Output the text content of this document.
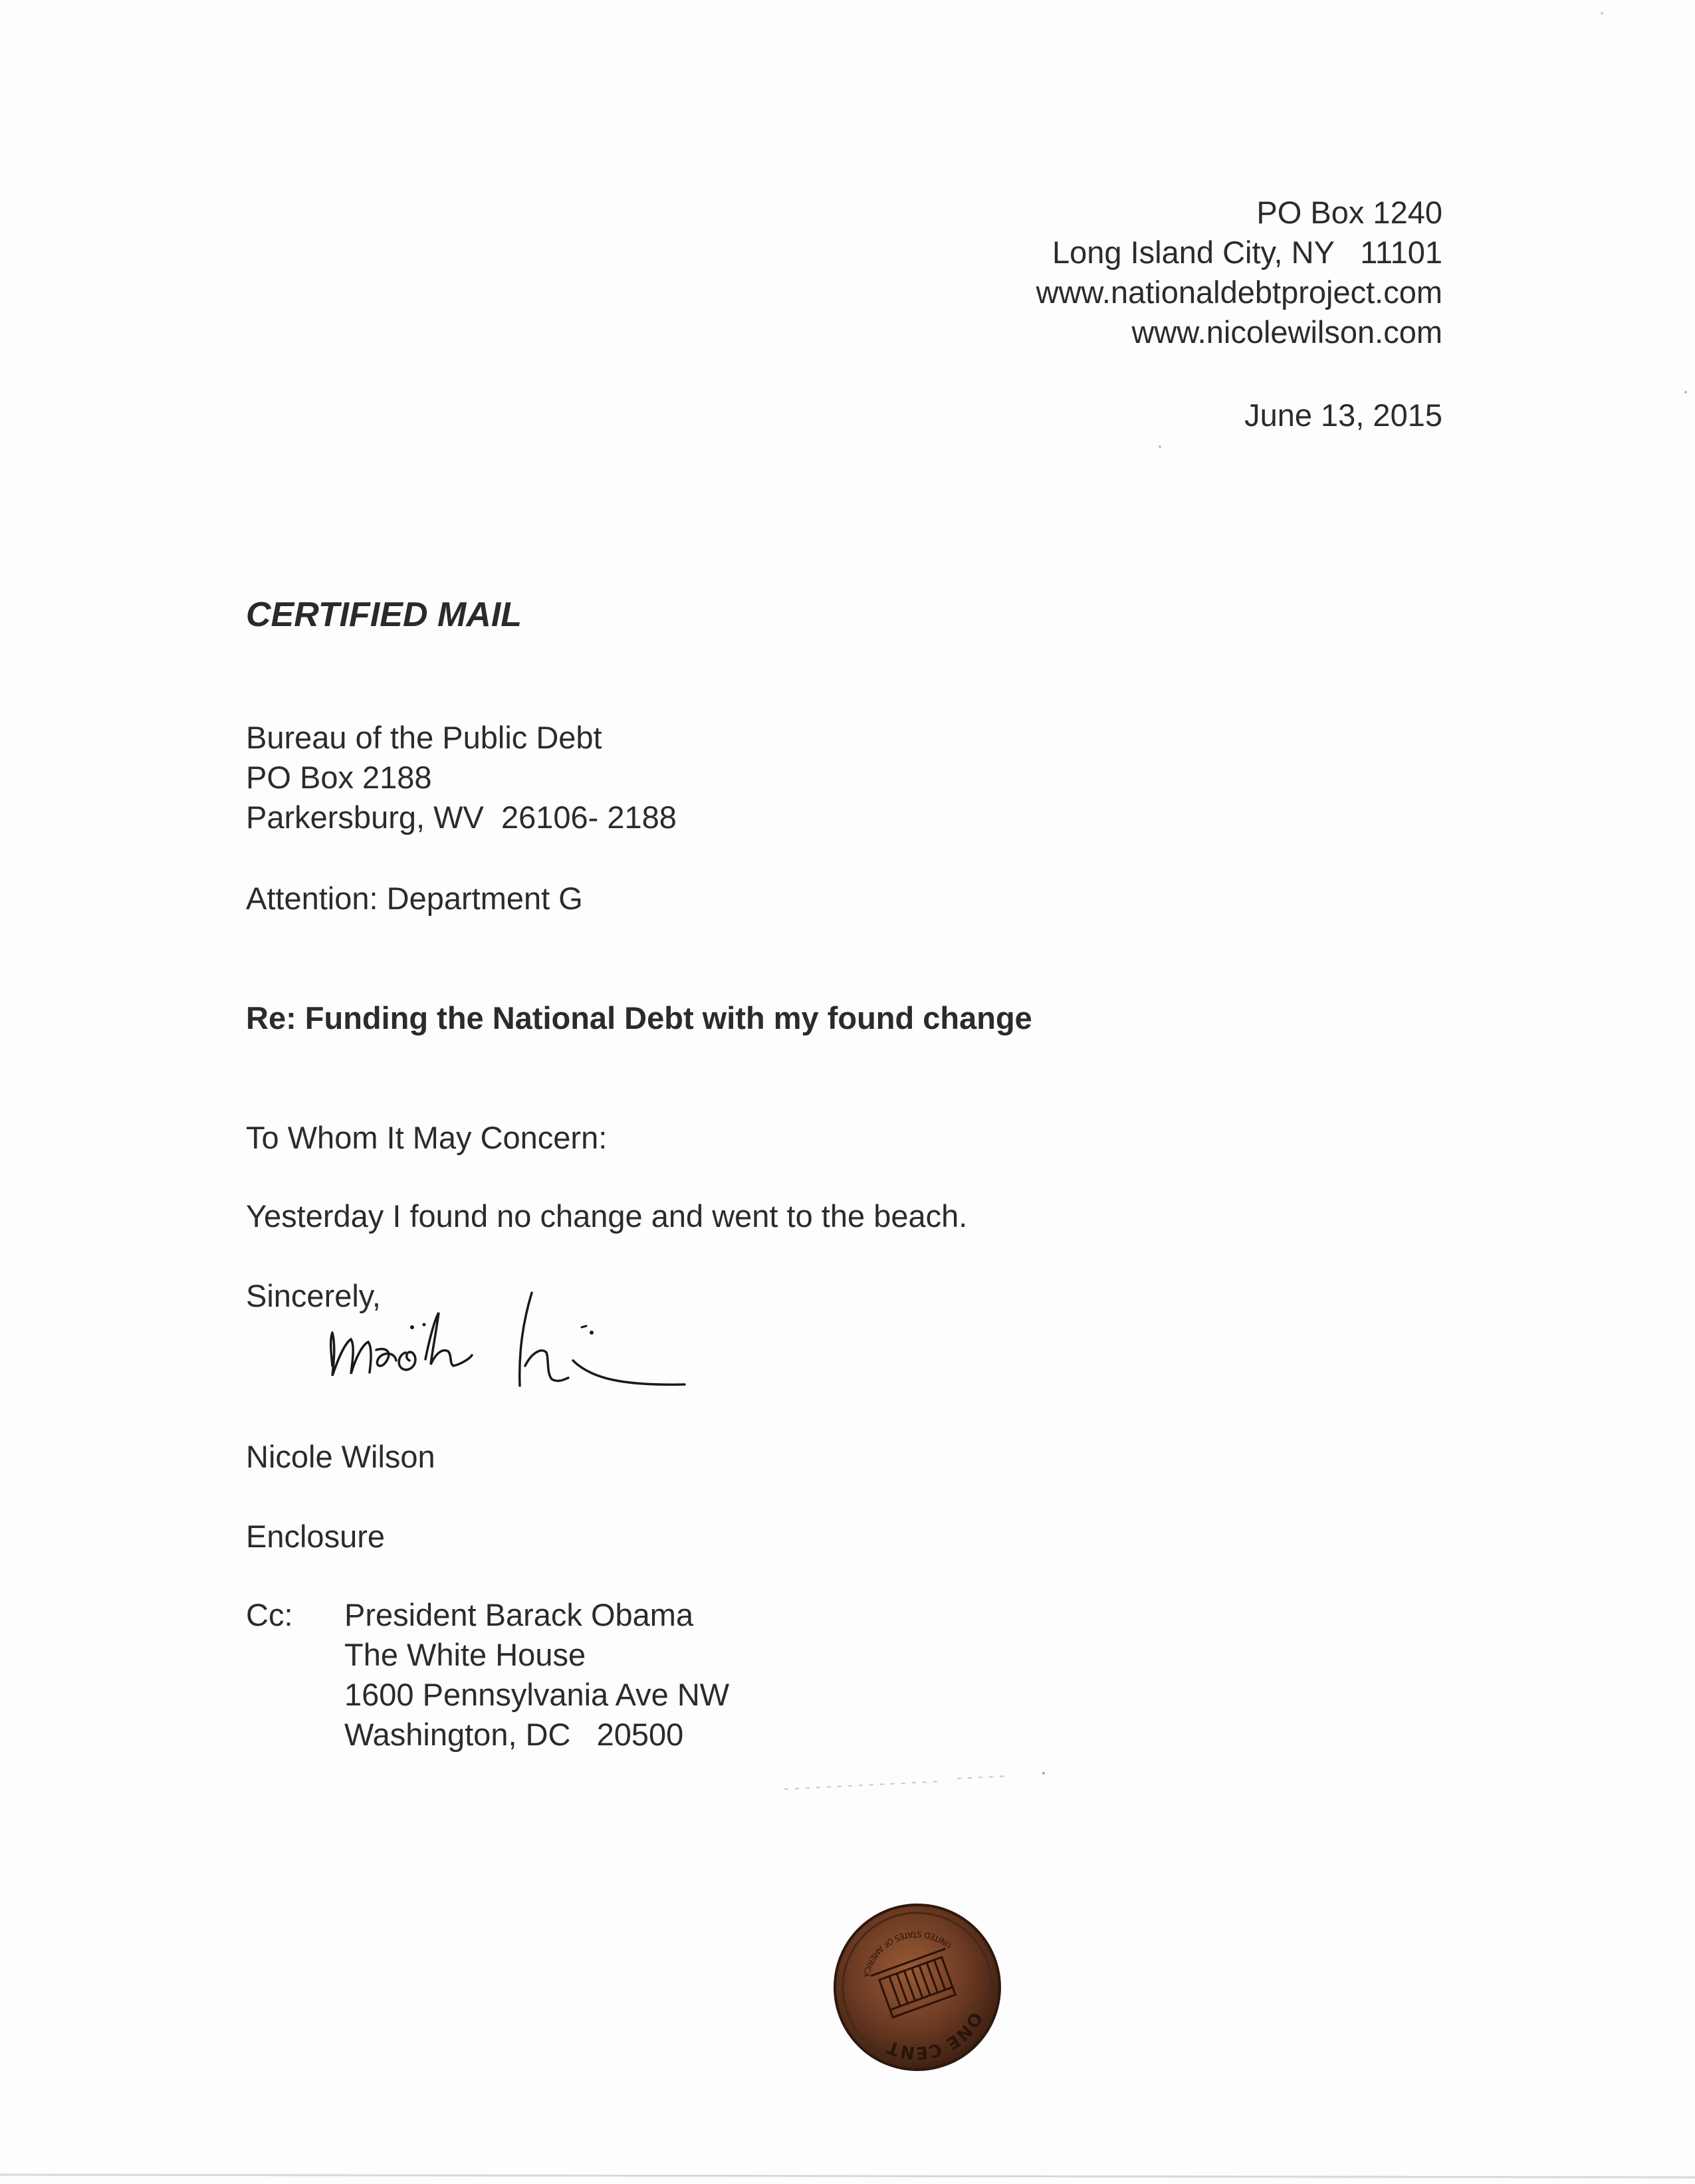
PO Box 1240
Long Island City, NY   11101
www.nationaldebtproject.com
www.nicolewilson.com
June 13, 2015
CERTIFIED MAIL
Bureau of the Public Debt
PO Box 2188
Parkersburg, WV  26106- 2188
Attention: Department G
Re: Funding the National Debt with my found change
To Whom It May Concern:
Yesterday I found no change and went to the beach.
Sincerely,
Nicole Wilson
Enclosure
Cc: President Barack Obama
The White House
1600 Pennsylvania Ave NW
Washington, DC   20500
ONE CENT
UNITED STATES OF AMERICA
